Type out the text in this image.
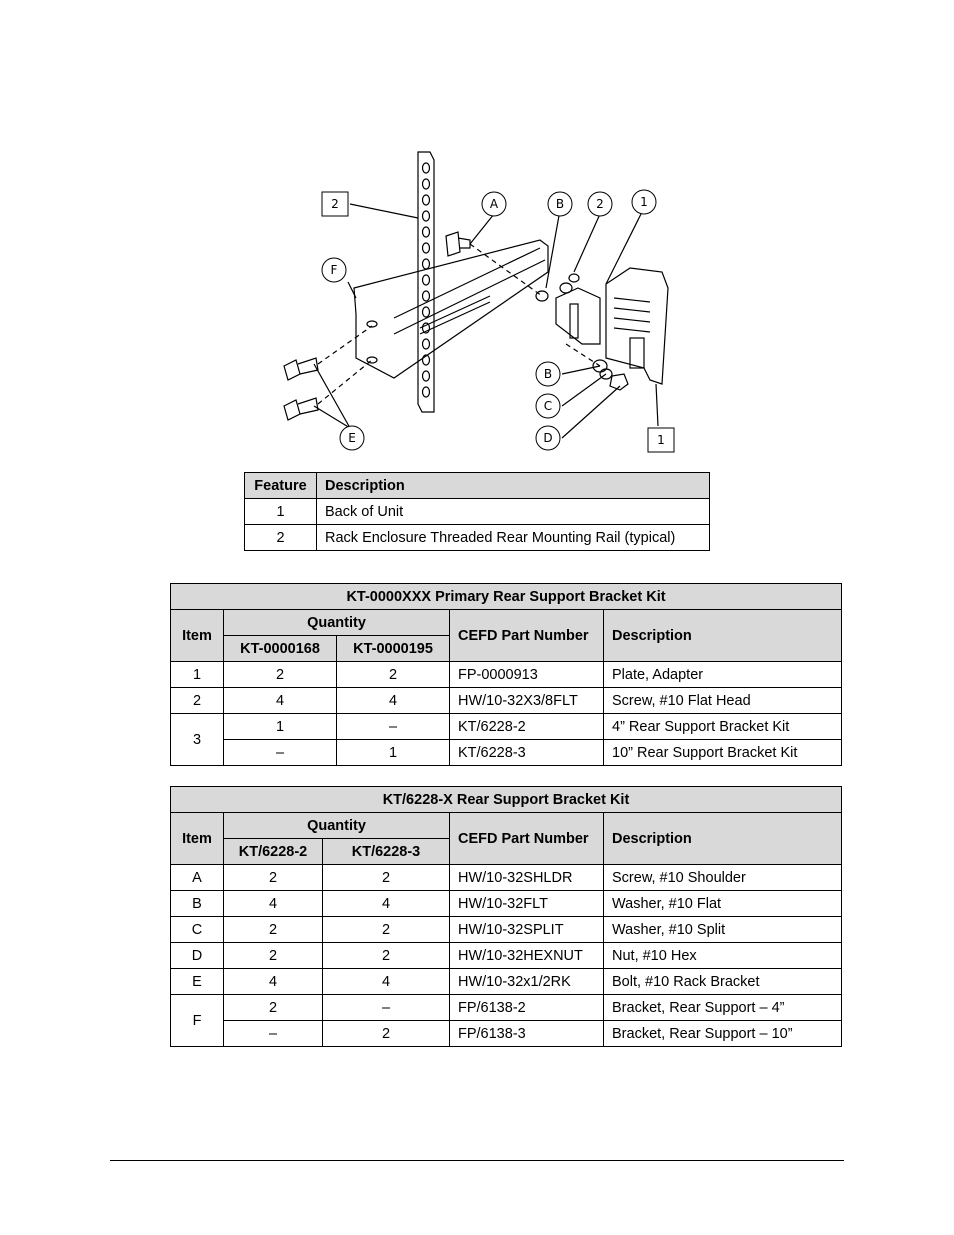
2	A	B	2	1
F
B
C
D
E	1
Feature	Description
1	Back of Unit
2	Rack Enclosure Threaded Rear Mounting Rail (typical)
KT-0000XXX Primary Rear Support Bracket Kit				
Item	Quantity		CEFD Part Number	Description
	KT-0000168	KT-0000195		
1	2	2	FP-0000913	Plate, Adapter
2	4	4	HW/10-32X3/8FLT	Screw, #10 Flat Head
3	1	–	KT/6228-2	4” Rear Support Bracket Kit
	–	1	KT/6228-3	10” Rear Support Bracket Kit
KT/6228-X Rear Support Bracket Kit				
Item	Quantity		CEFD Part Number	Description
	KT/6228-2	KT/6228-3		
A	2	2	HW/10-32SHLDR	Screw, #10 Shoulder
B	4	4	HW/10-32FLT	Washer, #10 Flat
C	2	2	HW/10-32SPLIT	Washer, #10 Split
D	2	2	HW/10-32HEXNUT	Nut, #10 Hex
E	4	4	HW/10-32x1/2RK	Bolt, #10 Rack Bracket
F	2	–	FP/6138-2	Bracket, Rear Support – 4”
	–	2	FP/6138-3	Bracket, Rear Support – 10”
